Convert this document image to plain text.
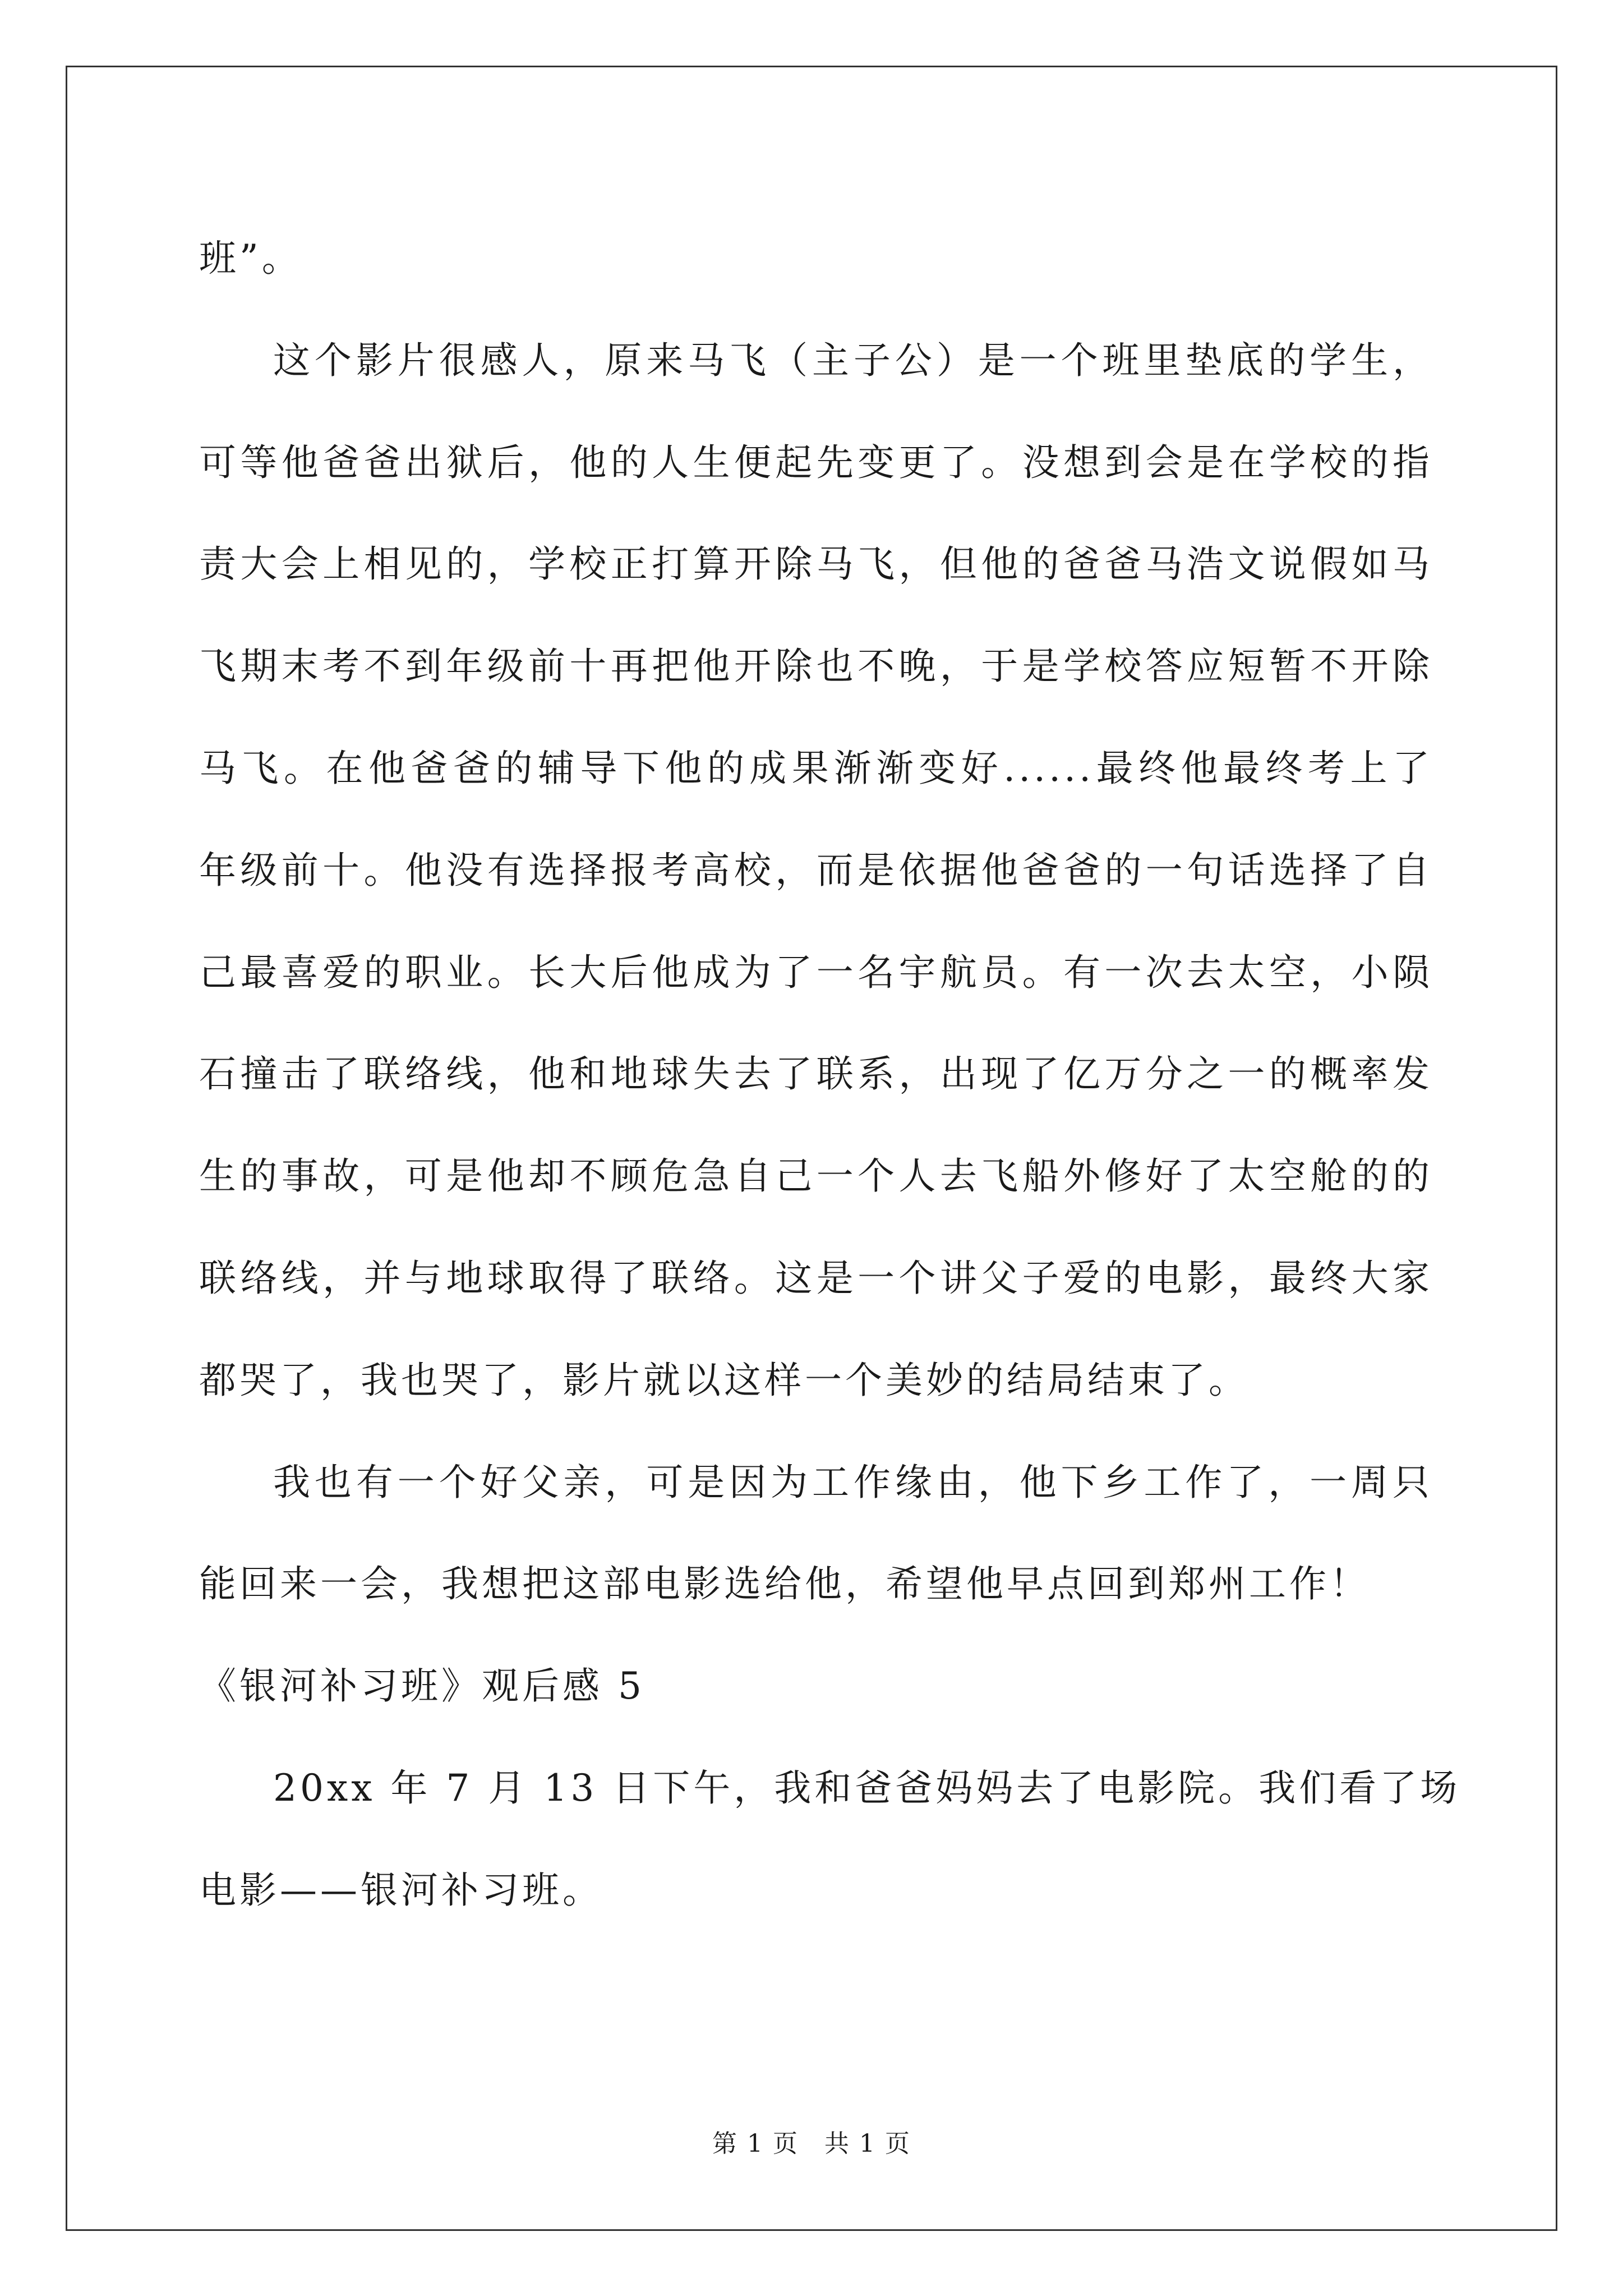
班”。
这个影片很感人，原来马飞（主子公）是一个班里垫底的学生，
可等他爸爸出狱后，他的人生便起先变更了。没想到会是在学校的指
责大会上相见的，学校正打算开除马飞，但他的爸爸马浩文说假如马
飞期末考不到年级前十再把他开除也不晚，于是学校答应短暂不开除
马飞。在他爸爸的辅导下他的成果渐渐变好......最终他最终考上了
年级前十。他没有选择报考高校，而是依据他爸爸的一句话选择了自
己最喜爱的职业。长大后他成为了一名宇航员。有一次去太空，小陨
石撞击了联络线，他和地球失去了联系，出现了亿万分之一的概率发
生的事故，可是他却不顾危急自己一个人去飞船外修好了太空舱的的
联络线，并与地球取得了联络。这是一个讲父子爱的电影，最终大家
都哭了，我也哭了，影片就以这样一个美妙的结局结束了。
我也有一个好父亲，可是因为工作缘由，他下乡工作了，一周只
能回来一会，我想把这部电影选给他，希望他早点回到郑州工作！
《银河补习班》观后感 5
20xx 年 7 月 13 日下午，我和爸爸妈妈去了电影院。我们看了场
电影——银河补习班。
第 1 页　共 1 页
